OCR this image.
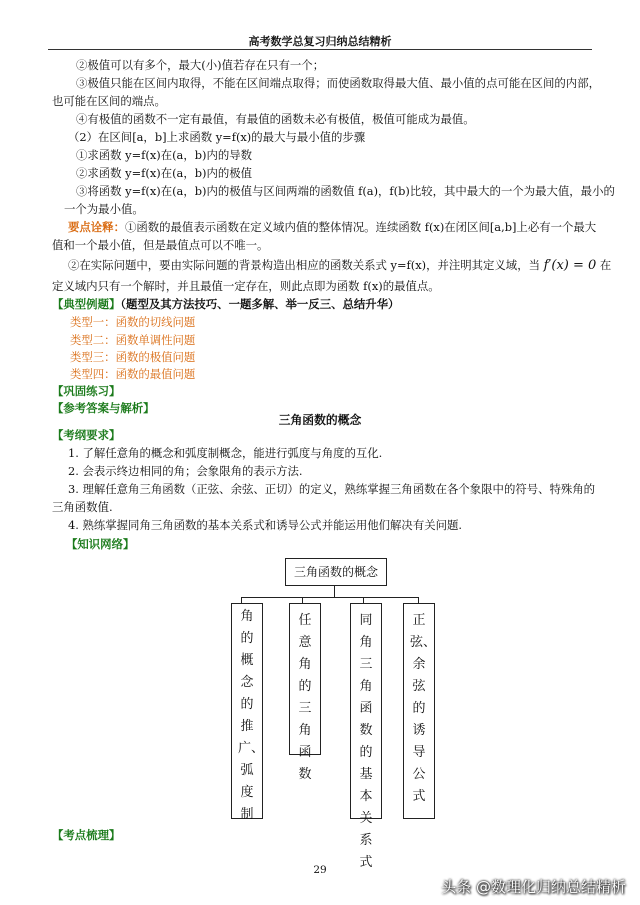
高考数学总复习归纳总结精析
②极值可以有多个，最大(小)值若存在只有一个；
③极值只能在区间内取得，不能在区间端点取得；而使函数取得最大值、最小值的点可能在区间的内部，
也可能在区间的端点。
④有极值的函数不一定有最值，有最值的函数未必有极值，极值可能成为最值。
（2）在区间[a，b]上求函数 y=f(x)的最大与最小值的步骤
①求函数 y=f(x)在(a，b)内的导数
②求函数 y=f(x)在(a，b)内的极值
③将函数 y=f(x)在(a，b)内的极值与区间两端的函数值 f(a)，f(b)比较，其中最大的一个为最大值，最小的
一个为最小值。
要点诠释：①函数的最值表示函数在定义域内值的整体情况。连续函数 f(x)在闭区间[a,b]上必有一个最大
值和一个最小值，但是最值点可以不唯一。
②在实际问题中，要由实际问题的背景构造出相应的函数关系式 y=f(x)，并注明其定义域，当 f′(x) = 0 在
定义域内只有一个解时，并且最值一定存在，则此点即为函数 f(x)的最值点。
【典型例题】（题型及其方法技巧、一题多解、举一反三、总结升华）
类型一：函数的切线问题
类型二：函数单调性问题
类型三：函数的极值问题
类型四：函数的最值问题
【巩固练习】
【参考答案与解析】
三角函数的概念
【考纲要求】
1. 了解任意角的概念和弧度制概念，能进行弧度与角度的互化.
2. 会表示终边相同的角；会象限角的表示方法.
3. 理解任意角三角函数（正弦、余弦、正切）的定义，熟练掌握三角函数在各个象限中的符号、特殊角的
三角函数值.
4. 熟练掌握同角三角函数的基本关系式和诱导公式并能运用他们解决有关问题.
【知识网络】
三角函数的概念
角的概念的推广、弧度制
任意角的三角函数
同角三角函数的基本关系式
正弦、余弦的诱导公式
【考点梳理】
29
头条 @数理化归纳总结精析
